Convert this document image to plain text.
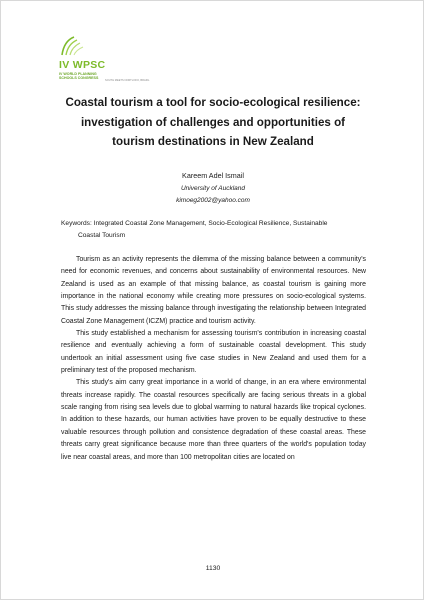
IV WPSC
IV WORLD PLANNING
SCHOOLS CONGRESS
SOUTH MEETS NORTH RIO, BRAZIL
Coastal tourism a tool for socio-ecological resilience: investigation of challenges and opportunities of tourism destinations in New Zealand
Kareem Adel Ismail
University of Auckland
kimoeg2002@yahoo.com
Keywords: Integrated Coastal Zone Management, Socio-Ecological Resilience, Sustainable
Coastal Tourism

Tourism as an activity represents the dilemma of the missing balance between a community's need for economic revenues, and concerns about sustainability of environmental resources. New Zealand is used as an example of that missing balance, as coastal tourism is gaining more importance in the national economy while creating more pressures on socio-ecological systems. This study addresses the missing balance through investigating the relationship between Integrated Coastal Zone Management (ICZM) practice and tourism activity.

This study established a mechanism for assessing tourism's contribution in increasing coastal resilience and eventually achieving a form of sustainable coastal development. This study undertook an initial assessment using five case studies in New Zealand and used them for a preliminary test of the proposed mechanism.

This study's aim carry great importance in a world of change, in an era where environmental threats increase rapidly. The coastal resources specifically are facing serious threats in a global scale ranging from rising sea levels due to global warming to natural hazards like tropical cyclones. In addition to these hazards, our human activities have proven to be equally destructive to these valuable resources through pollution and consistence degradation of these coastal areas. These threats carry great significance because more than three quarters of the world's population today live near coastal areas, and more than 100 metropolitan cities are located on

1130
